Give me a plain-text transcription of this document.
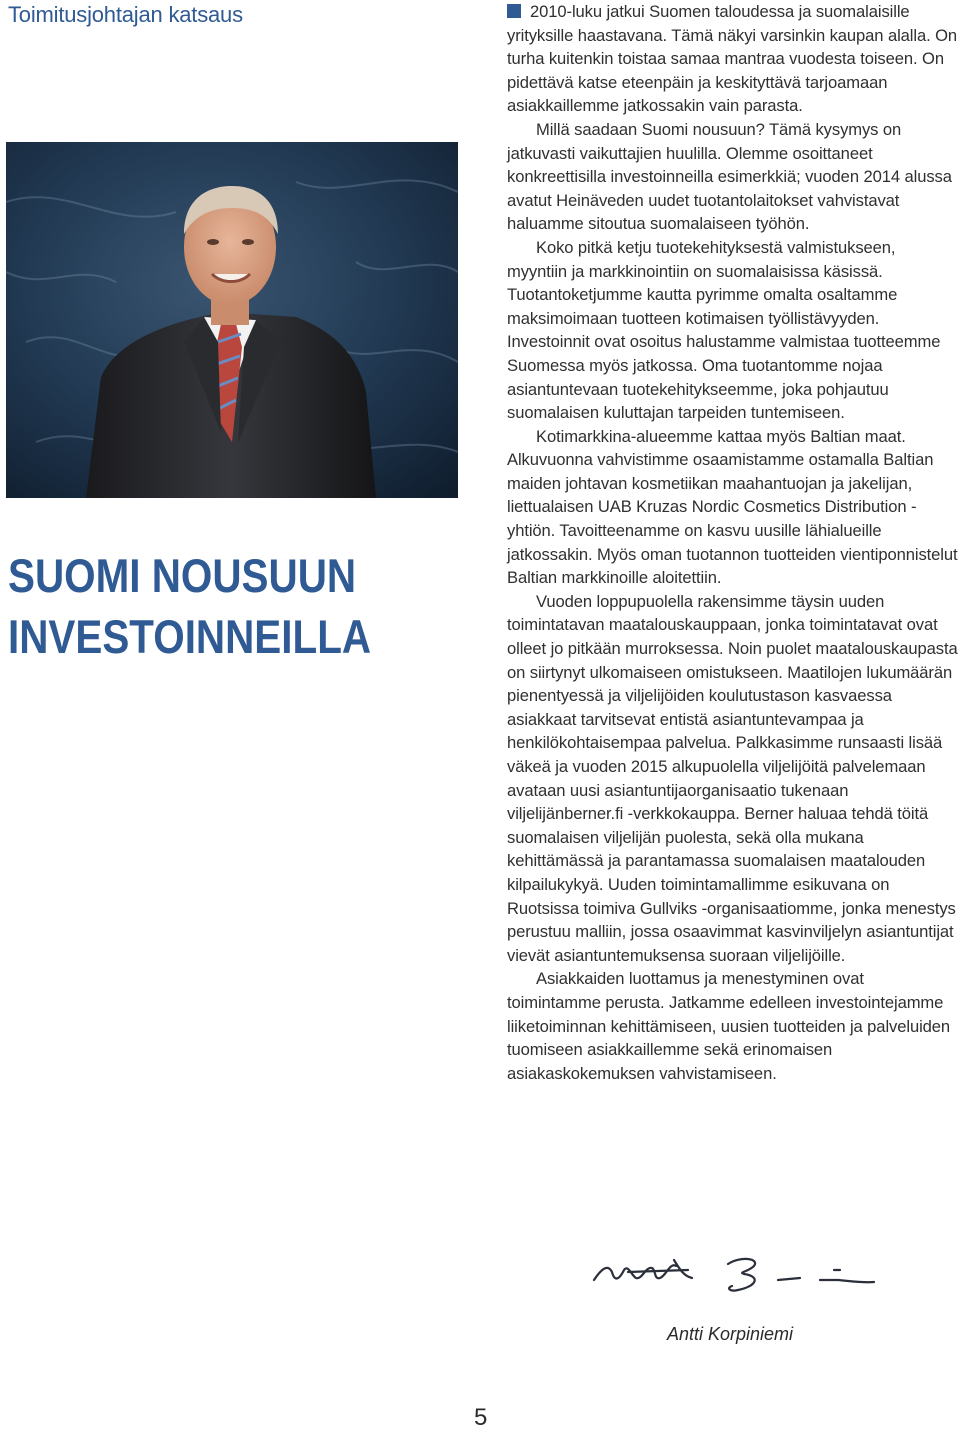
Toimitusjohtajan katsaus
SUOMI NOUSUUN
INVESTOINNEILLA

2010-luku jatkui Suomen taloudessa ja suomalaisille yrityksille haastavana. Tämä näkyi varsinkin kaupan alalla. On turha kuitenkin toistaa samaa mantraa vuodesta toiseen. On pidettävä katse eteenpäin ja keskityttävä tarjoamaan asiakkaillemme jatkossakin vain parasta.

Millä saadaan Suomi nousuun? Tämä kysymys on jatkuvasti vaikuttajien huulilla. Olemme osoittaneet konkreettisilla investoinneilla esimerkkiä; vuoden 2014 alussa avatut Heinäveden uudet tuotantolaitokset vahvistavat haluamme sitoutua suomalaiseen työhön.

Koko pitkä ketju tuotekehityksestä valmistukseen, myyntiin ja markkinointiin on suomalaisissa käsissä. Tuotantoketjumme kautta pyrimme omalta osaltamme maksimoimaan tuotteen kotimaisen työllistävyyden. Investoinnit ovat osoitus halustamme valmistaa tuotteemme Suomessa myös jatkossa. Oma tuotantomme nojaa asiantuntevaan tuotekehitykseemme, joka pohjautuu suomalaisen kuluttajan tarpeiden tuntemiseen.

Kotimarkkina-alueemme kattaa myös Baltian maat. Alkuvuonna vahvistimme osaamistamme ostamalla Baltian maiden johtavan kosmetiikan maahantuojan ja jakelijan, liettualaisen UAB Kruzas Nordic Cosmetics Distribution -yhtiön. Tavoitteenamme on kasvu uusille lähialueille jatkossakin. Myös oman tuotannon tuotteiden vientiponnistelut Baltian markkinoille aloitettiin.

Vuoden loppupuolella rakensimme täysin uuden toimintatavan maatalouskauppaan, jonka toimintatavat ovat olleet jo pitkään murroksessa. Noin puolet maatalouskaupasta on siirtynyt ulkomaiseen omistukseen. Maatilojen lukumäärän pienentyessä ja viljelijöiden koulutustason kasvaessa asiakkaat tarvitsevat entistä asiantuntevampaa ja henkilökohtaisempaa palvelua. Palkkasimme runsaasti lisää väkeä ja vuoden 2015 alkupuolella viljelijöitä palvelemaan avataan uusi asiantuntijaorganisaatio tukenaan viljelijänberner.fi -verkkokauppa. Berner haluaa tehdä töitä suomalaisen viljelijän puolesta, sekä olla mukana kehittämässä ja parantamassa suomalaisen maatalouden kilpailukykyä. Uuden toimintamallimme esikuvana on Ruotsissa toimiva Gullviks -organisaatiomme, jonka menestys perustuu malliin, jossa osaavimmat kasvinviljelyn asiantuntijat vievät asiantuntemuksensa suoraan viljelijöille.

Asiakkaiden luottamus ja menestyminen ovat toimintamme perusta. Jatkamme edelleen investointejamme liiketoiminnan kehittämiseen, uusien tuotteiden ja palveluiden tuomiseen asiakkaillemme sekä erinomaisen asiakaskokemuksen vahvistamiseen.

Antti Korpiniemi
5
